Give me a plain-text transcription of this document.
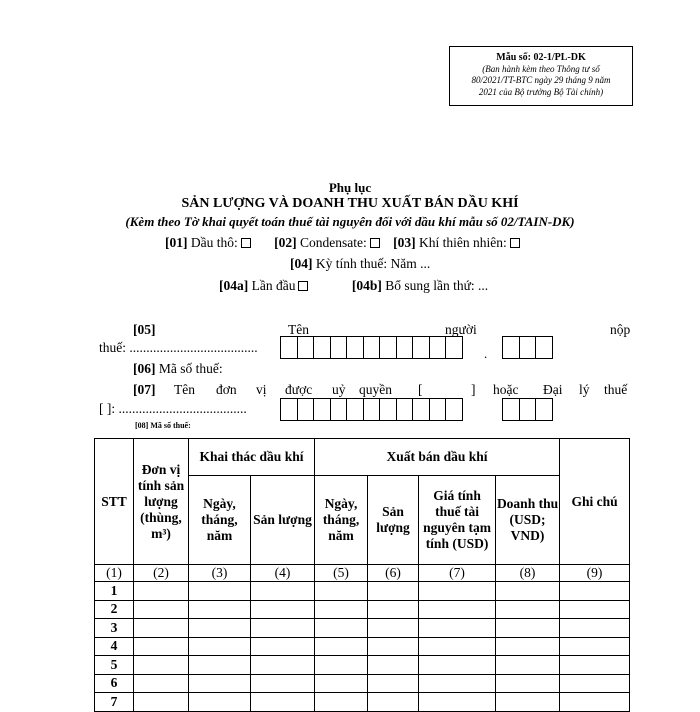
Mẫu số: 02-1/PL-DK
(Ban hành kèm theo Thông tư số
80/2021/TT-BTC ngày 29 tháng 9 năm
2021 của Bộ trưởng Bộ Tài chính)
Phụ lục
SẢN LƯỢNG VÀ DOANH THU XUẤT BÁN DẦU KHÍ
(Kèm theo Tờ khai quyết toán thuế tài nguyên đối với dầu khí mẫu số 02/TAIN-DK)
[01] Dầu thô:	[02] Condensate: [03] Khí thiên nhiên:
[04] Kỳ tính thuế: Năm ...
[04a] Lần đầu	[04b] Bổ sung lần thứ: ...
[05]	Tên	người	nộp
thuế: ......................................	.
[06] Mã số thuế:
[07] Tên đơn vị được uỷ quyền [	] hoặc Đại lý thuế
[ ]: ......................................
[08] Mã số thuế:
STT	Đơn vị tính sản lượng (thùng, m³)	Khai thác dầu khí		Xuất bán dầu khí				Ghi chú
		Ngày, tháng, năm	Sản lượng	Ngày, tháng, năm	Sản lượng	Giá tính thuế tài nguyên tạm tính (USD)	Doanh thu (USD; VND)	
(1)	(2)	(3)	(4)	(5)	(6)	(7)	(8)	(9)
1								
2								
3								
4								
5								
6								
7								
